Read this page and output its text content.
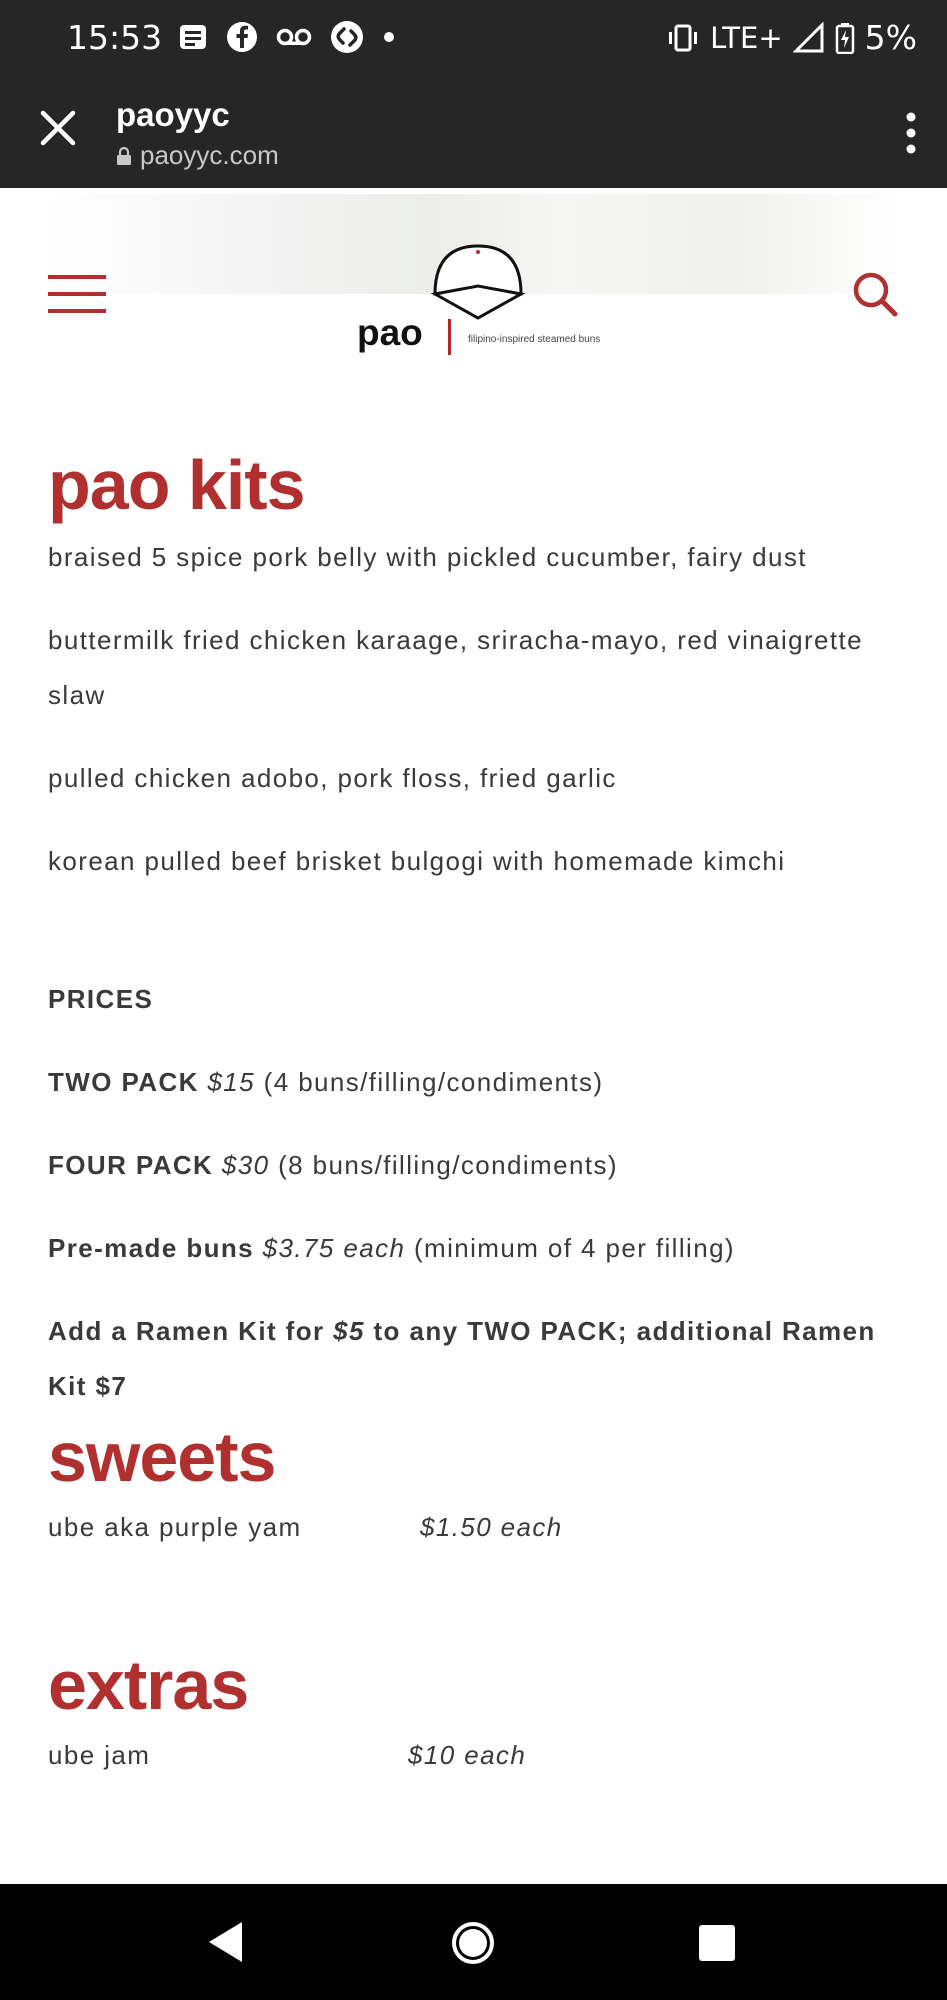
15:53	LTE+ 5%
paoyyc
paoyyc.com
pao	filipino-inspired steamed buns
pao kits

braised 5 spice pork belly with pickled cucumber, fairy dust

buttermilk fried chicken karaage, sriracha-mayo, red vinaigrette slaw

pulled chicken adobo, pork floss, fried garlic

korean pulled beef brisket bulgogi with homemade kimchi

PRICES

TWO PACK $15 (4 buns/filling/condiments)

FOUR PACK $30 (8 buns/filling/condiments)

Pre-made buns $3.75 each (minimum of 4 per filling)

Add a Ramen Kit for $5 to any TWO PACK; additional Ramen Kit $7

sweets

ube aka purple yam	$1.50 each

extras

ube jam	$10 each
